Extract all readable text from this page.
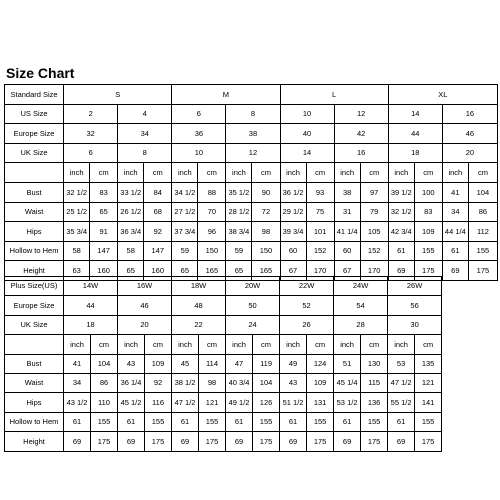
Size Chart
Standard Size	S				M				L				XL			
US Size	2		4		6		8		10		12		14		16	
Europe Size	32		34		36		38		40		42		44		46	
UK Size	6		8		10		12		14		16		18		20	
	inch	cm	inch	cm	inch	cm	inch	cm	inch	cm	inch	cm	inch	cm	inch	cm
Bust	32 1/2	83	33 1/2	84	34 1/2	88	35 1/2	90	36 1/2	93	38	97	39 1/2	100	41	104
Waist	25 1/2	65	26 1/2	68	27 1/2	70	28 1/2	72	29 1/2	75	31	79	32 1/2	83	34	86
Hips	35 3/4	91	36 3/4	92	37 3/4	96	38 3/4	98	39 3/4	101	41 1/4	105	42 3/4	109	44 1/4	112
Hollow to Hem	58	147	58	147	59	150	59	150	60	152	60	152	61	155	61	155
Height	63	160	65	160	65	165	65	165	67	170	67	170	69	175	69	175
Plus Size(US)	14W		16W		18W		20W		22W		24W		26W	
Europe Size	44		46		48		50		52		54		56	
UK Size	18		20		22		24		26		28		30	
	inch	cm	inch	cm	inch	cm	inch	cm	inch	cm	inch	cm	inch	cm
Bust	41	104	43	109	45	114	47	119	49	124	51	130	53	135
Waist	34	86	36 1/4	92	38 1/2	98	40 3/4	104	43	109	45 1/4	115	47 1/2	121
Hips	43 1/2	110	45 1/2	116	47 1/2	121	49 1/2	126	51 1/2	131	53 1/2	136	55 1/2	141
Hollow to Hem	61	155	61	155	61	155	61	155	61	155	61	155	61	155
Height	69	175	69	175	69	175	69	175	69	175	69	175	69	175
